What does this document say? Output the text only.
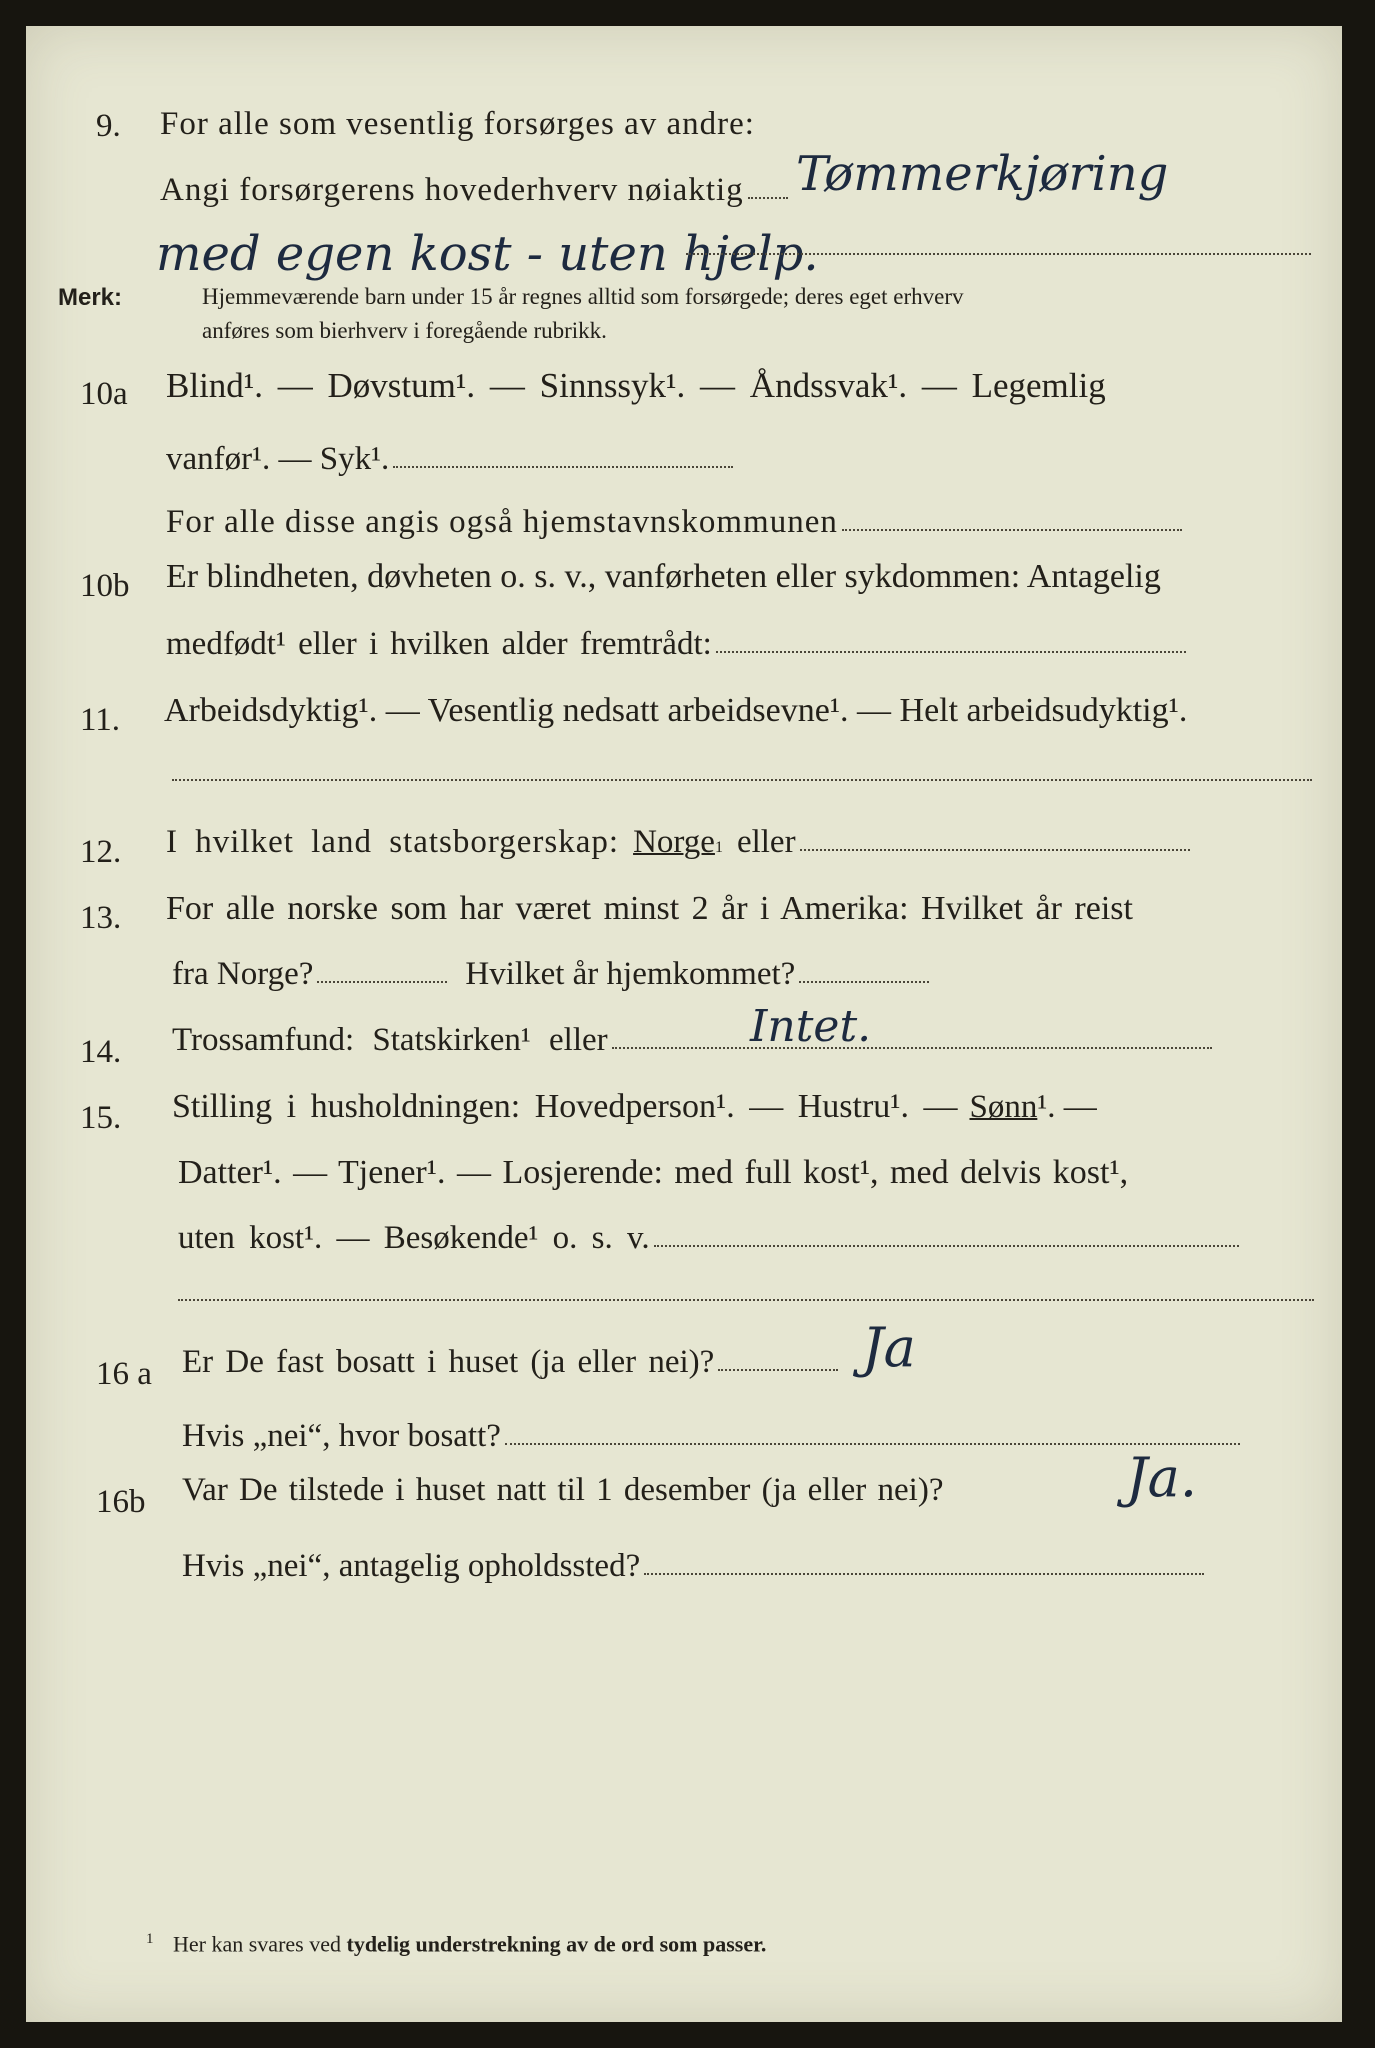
9. For alle som vesentlig forsørges av andre:
Angi forsørgerens hovederhverv nøiaktig Tømmerkjøring
med egen kost - uten hjelp.
Merk:	Hjemmeværende barn under 15 år regnes alltid som forsørgede; deres eget erhverv
anføres som bierhverv i foregående rubrikk.
10a Blind¹. — Døvstum¹. — Sinnssyk¹. — Åndssvak¹. — Legemlig
vanfør¹. — Syk¹.
For alle disse angis også hjemstavnskommunen
10b Er blindheten, døvheten o. s. v., vanførheten eller sykdommen: Antagelig
medfødt¹ eller i hvilken alder fremtrådt:
11. Arbeidsdyktig¹. — Vesentlig nedsatt arbeidsevne¹. — Helt arbeidsudyktig¹.
12. I hvilket land statsborgerskap: Norge 1 eller
13. For alle norske som har været minst 2 år i Amerika: Hvilket år reist
fra Norge?	Hvilket år hjemkommet?
14. Trossamfund: Statskirken¹ eller	Intet.
15. Stilling i husholdningen: Hovedperson¹. — Hustru¹. — Sønn ¹. —
Datter¹. — Tjener¹. — Losjerende: med full kost¹, med delvis kost¹,
uten kost¹. — Besøkende¹ o. s. v.
16 a Er De fast bosatt i huset (ja eller nei)?	Ja
Hvis „nei“, hvor bosatt?
16b Var De tilstede i huset natt til 1 desember (ja eller nei)?	Ja.
Hvis „nei“, antagelig opholdssted?
$^1$ Her kan svares ved tydelig understrekning av de ord som passer.
